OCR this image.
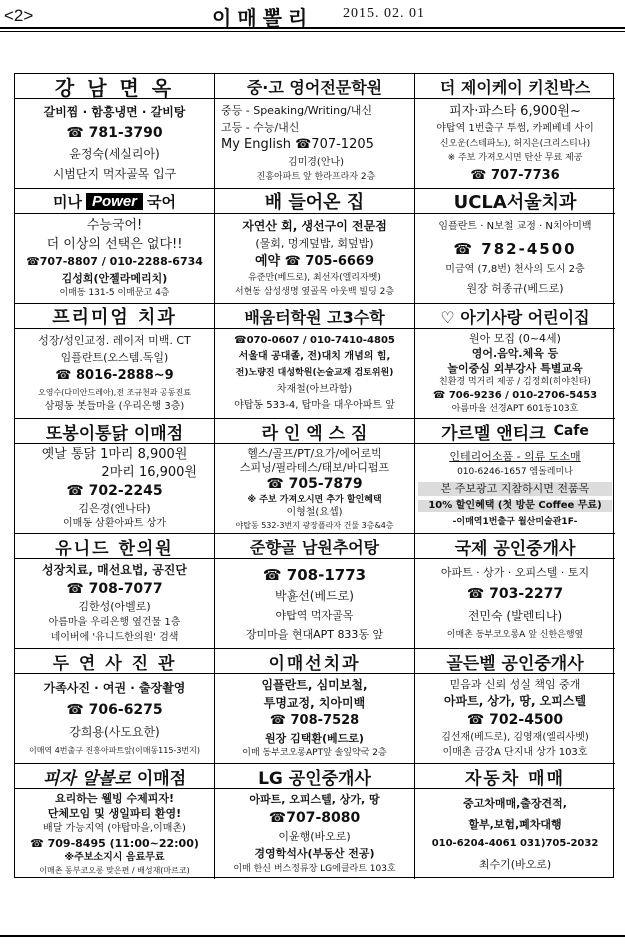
<2>	이매뽈리 2015. 02. 01
강 남 면 옥
갈비찜 · 함흥냉면 · 갈비탕
☎ 781-3790
윤정숙(세실리아)
시범단지 먹자골목 입구
중·고 영어전문학원
중등 - Speaking/Writing/내신
고등 - 수능/내신
My English ☎707-1205
김미경(안나)
진흥아파트 앞 한라프라자 2층
더 제이케이 키친박스
피자·파스타 6,900원~
야탑역 1번출구 투썸, 카페베네 사이
신오운(스테파노), 허지은(크리스티나)
※ 주보 가져오시면 탄산 무료 제공
☎ 707-7736
미나 Power 국어
수능국어!
더 이상의 선택은 없다!!
☎707-8807 / 010-2288-6734
김성희(안젤라메리치)
이매동 131-5 이매문고 4층
배 들어온 집
자연산 회, 생선구이 전문점
(물회, 멍게덮밥, 회덮밥)
예약 ☎ 705-6669
유준만(베드로), 최선자(엘리자벳)
서현동 삼성생명 옆골목 아웃백 빌딩 2층
UCLA서울치과
임플란트 · N보철 교정 · N치아미백
☎ 782-4500
미금역 (7,8번) 천사의 도시 2층
원장 허종규(베드로)
프리미엄 치과
성장/성인교정. 레이저 미백. CT
임플란트(오스템.독일)
☎ 8016-2888~9
오영수(다미안드레아),전 조규천과 공동진료
삼평동 봇들마을 (우리은행 3층)
배움터학원 고3수학
☎070-0607 / 010-7410-4805
서울대 공대졸, 전)대치 개념의 힘,
전)노량진 대성학원(논술교재 검토위원)
차재철(아브라함)
야탑동 533-4, 탑마을 대우아파트 앞
♡ 아기사랑 어린이집
원아 모집 (0~4세)
영어.음악.체육 등
놀이중심 외부강사 특별교육
친환경 먹거리 제공 / 김정희(히야친타)
☎ 706-9236 / 010-2706-5453
아름마을 선경APT 601동103호
또봉이통닭 이매점
옛날 통닭 1마리 8,900원
2마리 16,900원
☎ 702-2245
김은경(엔나타)
이매동 삼환아파트 상가
라 인 엑 스 짐
헬스/골프/PT/요가/에어로빅
스피닝/필라테스/태보/바디펌프
☎ 705-7879
※ 주보 가져오시면 추가 할인혜택
이형철(요셉)
야탑동 532-3번지 광장플라자 건물 3층&4층
가르멜 앤티크 Cafe
인테리어소품 - 의류 도소매
010-6246-1657 엠돌레미나
본 주보광고 지참하시면 전품목
10% 할인혜택 (첫 방문 Coffee 무료)
-이매역1번출구 월산미술관1F-
유니드 한의원
성장치료, 매선요법, 공진단
☎ 708-7077
김한성(아벨로)
아름마을 우리은행 옆건물 1층
네이버에 '유니드한의원' 검색
준향골 남원추어탕
☎ 708-1773
박휸선(베드로)
야탑역 먹자골목
장미마을 현대APT 833동 앞
국제 공인중개사
아파트 · 상가 · 오피스텔 · 토지
☎ 703-2277
전민숙 (발렌티나)
이매촌 동부코오롱A 앞 신한은행옆
두 연 사 진 관
가족사진 · 여권 · 출장촬영
☎ 706-6275
강희용(사도요한)
이매역 4번출구 진흥아파트앞(이매동115-3번지)
이매선치과
임플란트, 심미보철,
투명교정, 치아미백
☎ 708-7528
원장 김택환(베드로)
이매 동부코오롱APT앞 솔잎약국 2층
골든벨 공인중개사
믿음과 신뢰 성실 책임 중개
아파트, 상가, 땅, 오피스텔
☎ 702-4500
김선재(베드로), 김영재(엘리사벳)
이매촌 금강A 단지내 상가 103호
피자 알볼로 이매점
요리하는 웰빙 수제피자!
단체모임 및 생일파티 환영!
배달 가능지역 (야탑마을,이매촌)
☎ 709-8495 (11:00~22:00)
※주보소지시 음료무료
이매촌 동부코오롱 맞은편 / 배성재(마르코)
LG 공인중개사
아파트, 오피스텔, 상가, 땅
☎707-8080
이윤행(바오로)
경영학석사(부동산 전공)
이매 한신 버스정류장 LG에클라트 103호
자동차 매매
중고차매매,출장견적,
할부,보험,폐차대행
010-6204-4061 031)705-2032
최수기(바오로)
